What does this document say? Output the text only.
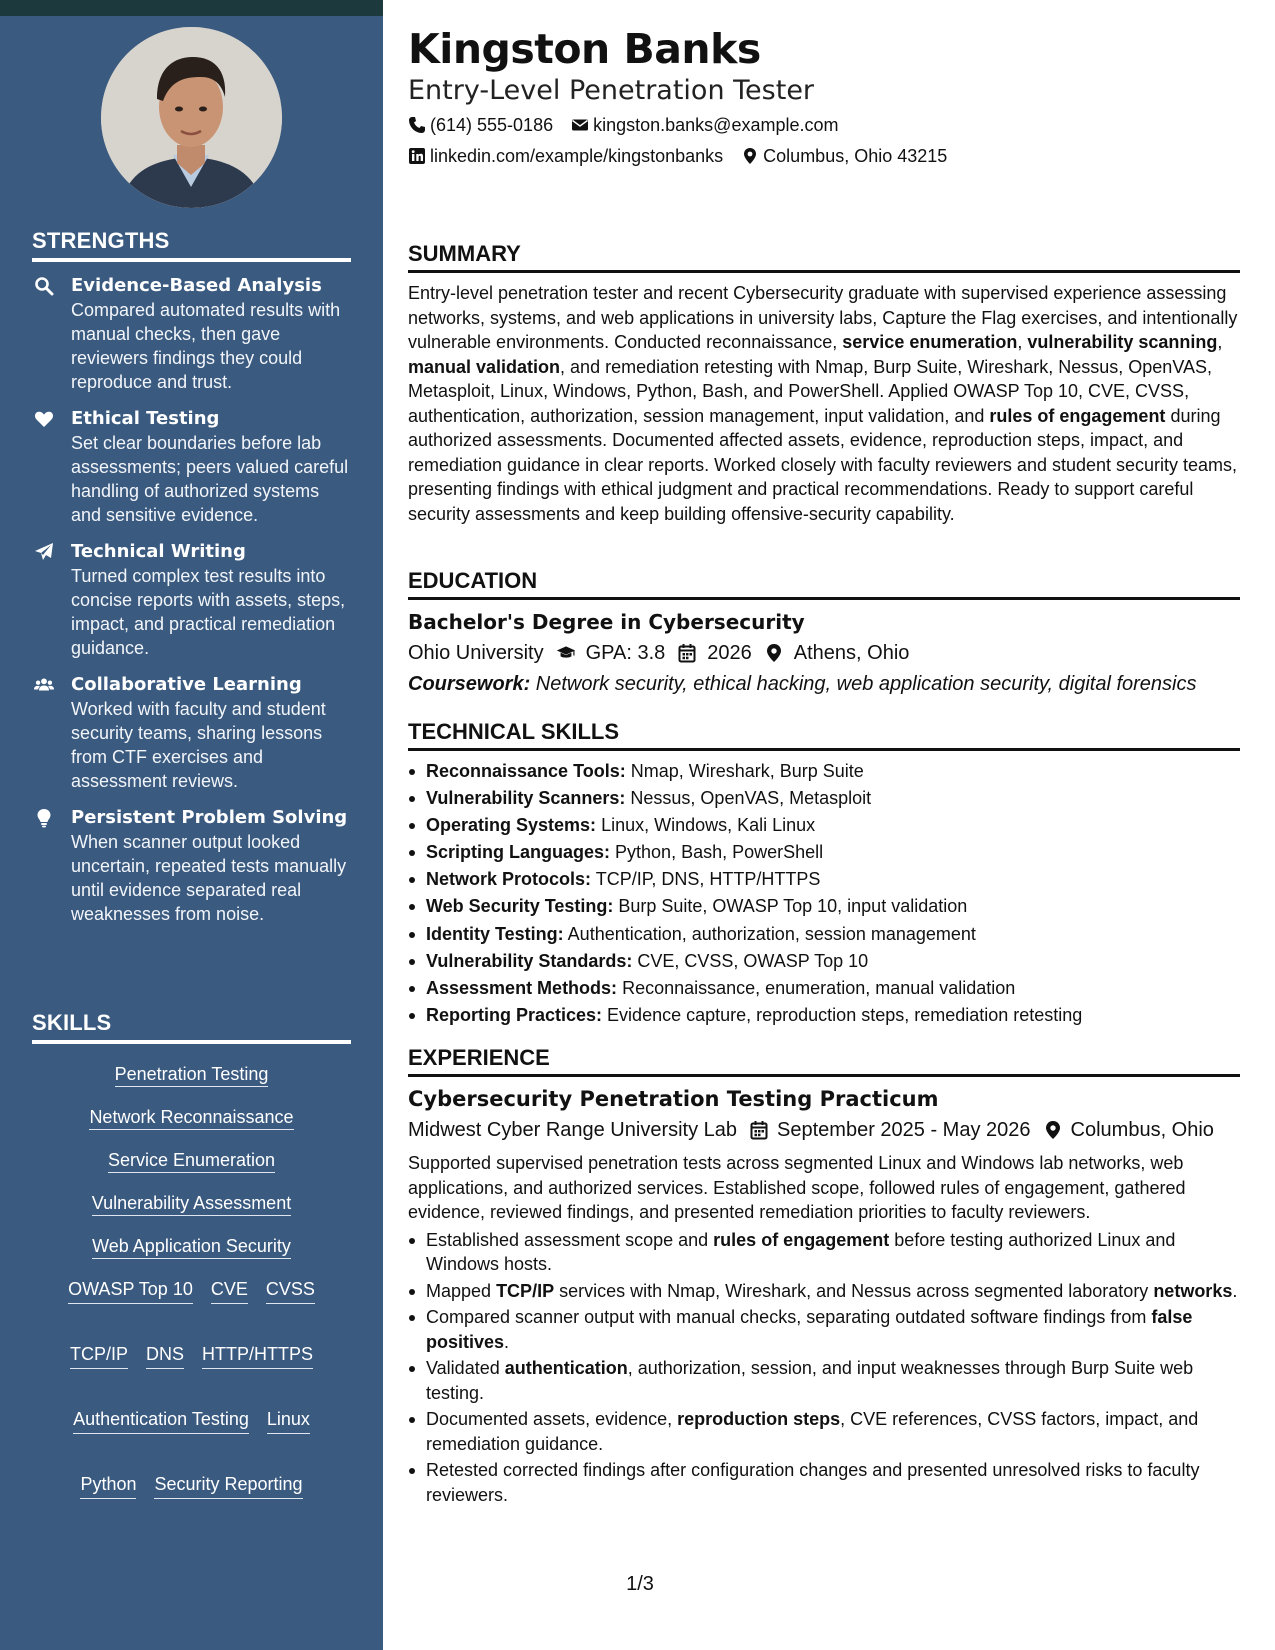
STRENGTHS
Evidence-Based Analysis
Compared automated results with manual checks, then gave reviewers findings they could reproduce and trust.
Ethical Testing
Set clear boundaries before lab assessments; peers valued careful handling of authorized systems and sensitive evidence.
Technical Writing
Turned complex test results into concise reports with assets, steps, impact, and practical remediation guidance.
Collaborative Learning
Worked with faculty and student security teams, sharing lessons from CTF exercises and assessment reviews.
Persistent Problem Solving
When scanner output looked uncertain, repeated tests manually until evidence separated real weaknesses from noise.
SKILLS
Penetration Testing
Network Reconnaissance
Service Enumeration
Vulnerability Assessment
Web Application Security
OWASP Top 10 CVE CVSS
TCP/IP DNS HTTP/HTTPS
Authentication Testing Linux
Python Security Reporting
Kingston Banks
Entry-Level Penetration Tester
(614) 555-0186 kingston.banks@example.com
linkedin.com/example/kingstonbanks Columbus, Ohio 43215
SUMMARY
Entry-level penetration tester and recent Cybersecurity graduate with supervised experience assessing networks, systems, and web applications in university labs, Capture the Flag exercises, and intentionally vulnerable environments. Conducted reconnaissance, service enumeration, vulnerability scanning, manual validation, and remediation retesting with Nmap, Burp Suite, Wireshark, Nessus, OpenVAS, Metasploit, Linux, Windows, Python, Bash, and PowerShell. Applied OWASP Top 10, CVE, CVSS, authentication, authorization, session management, input validation, and rules of engagement during authorized assessments. Documented affected assets, evidence, reproduction steps, impact, and remediation guidance in clear reports. Worked closely with faculty reviewers and student security teams, presenting findings with ethical judgment and practical recommendations. Ready to support careful security assessments and keep building offensive-security capability.
EDUCATION
Bachelor's Degree in Cybersecurity
Ohio University GPA: 3.8 2026 Athens, Ohio
Coursework: Network security, ethical hacking, web application security, digital forensics
TECHNICAL SKILLS
Reconnaissance Tools: Nmap, Wireshark, Burp Suite
Vulnerability Scanners: Nessus, OpenVAS, Metasploit
Operating Systems: Linux, Windows, Kali Linux
Scripting Languages: Python, Bash, PowerShell
Network Protocols: TCP/IP, DNS, HTTP/HTTPS
Web Security Testing: Burp Suite, OWASP Top 10, input validation
Identity Testing: Authentication, authorization, session management
Vulnerability Standards: CVE, CVSS, OWASP Top 10
Assessment Methods: Reconnaissance, enumeration, manual validation
Reporting Practices: Evidence capture, reproduction steps, remediation retesting
EXPERIENCE
Cybersecurity Penetration Testing Practicum
Midwest Cyber Range University Lab September 2025 - May 2026 Columbus, Ohio
Supported supervised penetration tests across segmented Linux and Windows lab networks, web applications, and authorized services. Established scope, followed rules of engagement, gathered evidence, reviewed findings, and presented remediation priorities to faculty reviewers.
Established assessment scope and rules of engagement before testing authorized Linux and Windows hosts.
Mapped TCP/IP services with Nmap, Wireshark, and Nessus across segmented laboratory networks.
Compared scanner output with manual checks, separating outdated software findings from false positives.
Validated authentication, authorization, session, and input weaknesses through Burp Suite web testing.
Documented assets, evidence, reproduction steps, CVE references, CVSS factors, impact, and remediation guidance.
Retested corrected findings after configuration changes and presented unresolved risks to faculty reviewers.
1/3
